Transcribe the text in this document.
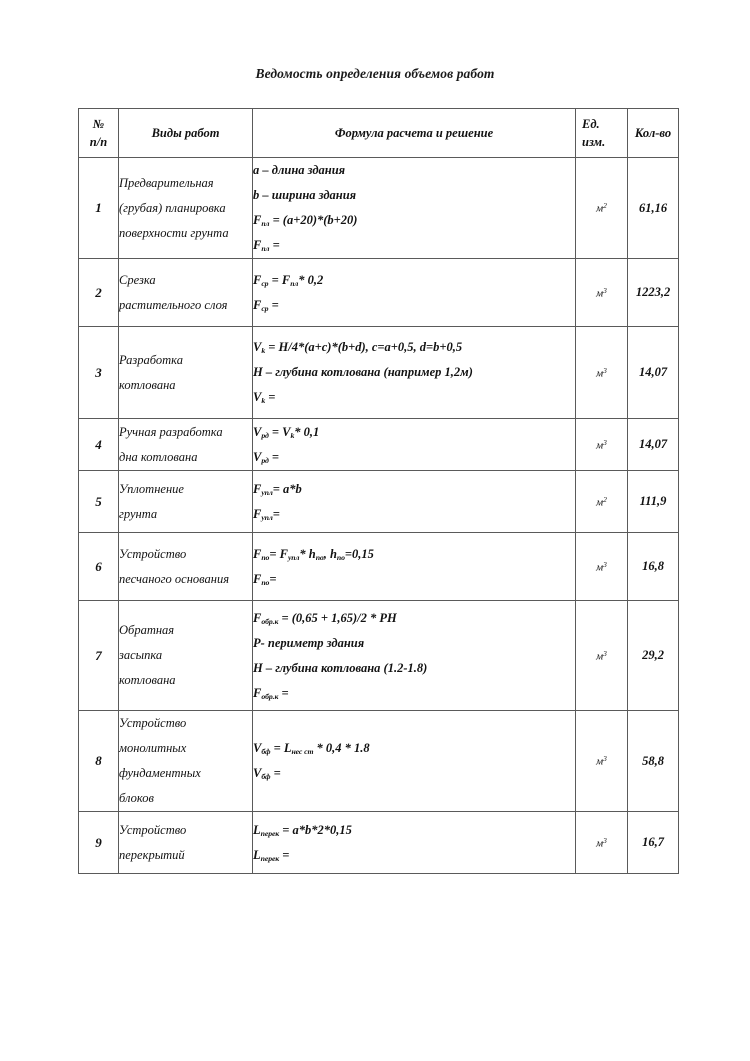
Ведомость определения объемов работ
№
п/п	Виды работ	Формула расчета и решение	Ед.
изм.	Кол-во
1	Предварительная
(грубая) планировка
поверхности грунта	a – длина здания
b – ширина здания
$F_{пл} = (a+20)*(b+20)$
$F_{пл}$ =	$м^2$	61,16
2	Срезка
растительного слоя	$F_{ср} = F_{пл}*$ 0,2
$F_{ср}$ =	$м^3$	1223,2
3	Разработка
котлована	$V_k = H/4*(a+c)*(b+d)$, c=a+0,5, d=b+0,5
H – глубина котлована (например 1,2м)
$V_k$ =	$м^3$	14,07
4	Ручная разработка
дна котлована	$V_{рд} = V_k*$ 0,1
$V_{рд}$ =	$м^3$	14,07
5	Уплотнение
грунта	$F_{упл}= a*b$
$F_{упл}=$	$м^2$	111,9
6	Устройство
песчаного основания	$F_{по}= F_{упл}*$ $h_{по}$, $h_{по}=0,15$
$F_{по}=$	$м^3$	16,8
7	Обратная
засыпка
котлована	$F_{обр.к} = (0,65 + 1,65)/2$ * РН
Р- периметр здания
Н – глубина котлована (1.2-1.8)
$F_{обр.к}$ =	$м^3$	29,2
8	Устройство
монолитных
фундаментных
блоков	$V_{бф} = L_{нес ст} * 0,4 * 1.8$
$V_{бф}$ =	$м^3$	58,8
9	Устройство
перекрытий	$L_{перек} = a*b*2*0,15$
$L_{перек}$ =	$м^3$	16,7
